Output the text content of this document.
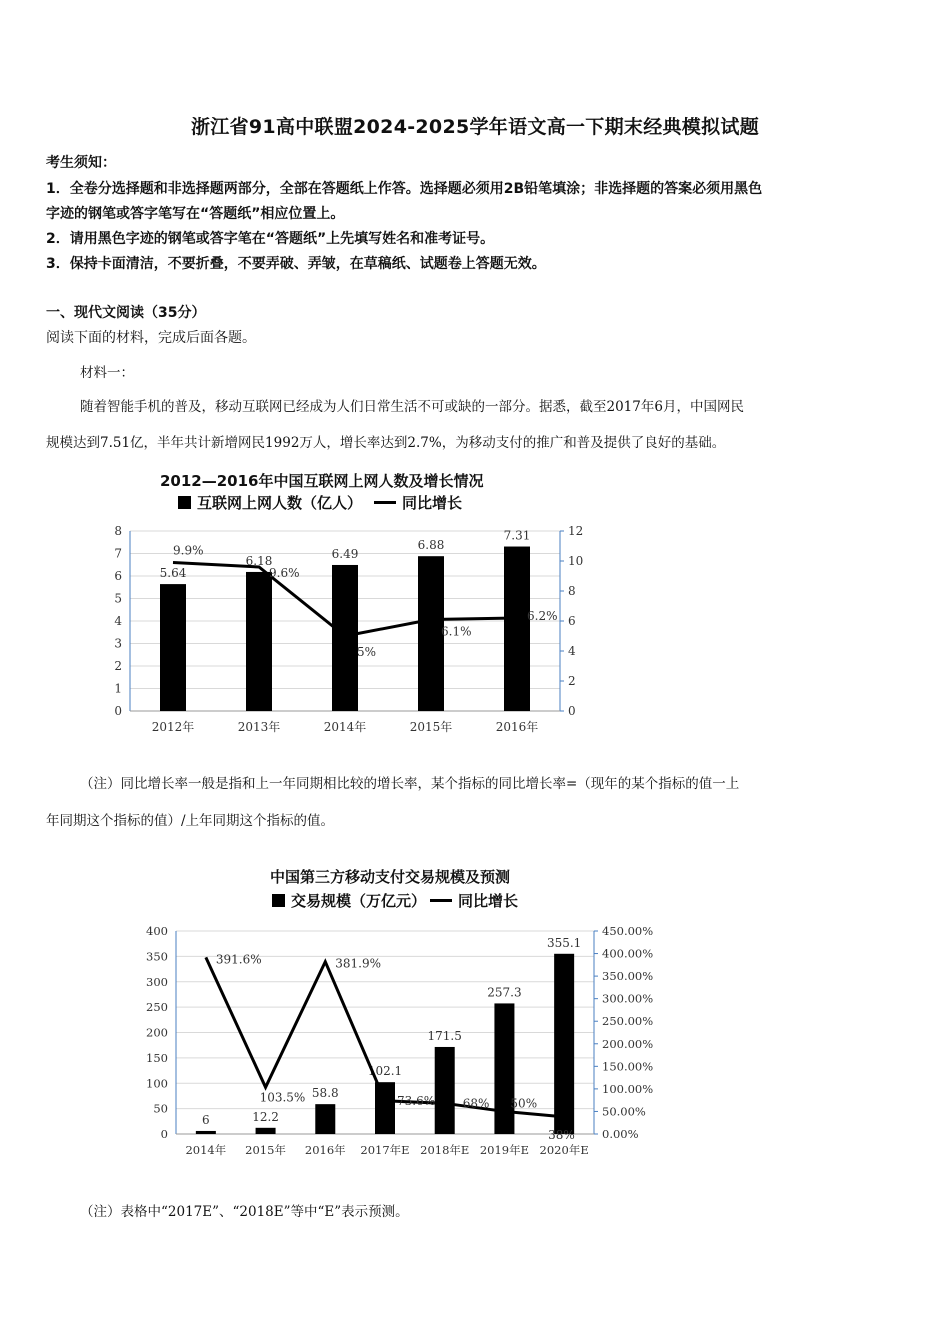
浙江省91高中联盟2024-2025学年语文高一下期末经典模拟试题
考生须知：
1．全卷分选择题和非选择题两部分，全部在答题纸上作答。选择题必须用2B铅笔填涂；非选择题的答案必须用黑色
字迹的钢笔或答字笔写在“答题纸”相应位置上。
2．请用黑色字迹的钢笔或答字笔在“答题纸”上先填写姓名和准考证号。
3．保持卡面清洁，不要折叠，不要弄破、弄皱，在草稿纸、试题卷上答题无效。
一、现代文阅读（35分）
阅读下面的材料，完成后面各题。
材料一：
随着智能手机的普及，移动互联网已经成为人们日常生活不可或缺的一部分。据悉，截至2017年6月，中国网民
规模达到7.51亿，半年共计新增网民1992万人，增长率达到2.7%，为移动支付的推广和普及提供了良好的基础。
2012—2016年中国互联网上网人数及增长情况
互联网上网人数（亿人）	同比增长
0
1
2
3
4
5
6
7
8
0
2
4
6
8
10
12
5.64
2012年
6.18
2013年
6.49
2014年
6.88
2015年
7.31
2016年
9.9%
9.6%
5%
6.1%
6.2%
（注）同比增长率一般是指和上一年同期相比较的增长率，某个指标的同比增长率=（现年的某个指标的值一上
年同期这个指标的值）/上年同期这个指标的值。
中国第三方移动支付交易规模及预测
交易规模（万亿元） 同比增长
0
50
100
150
200
250
300
350
400
0.00%
50.00%
100.00%
150.00%
200.00%
250.00%
300.00%
350.00%
400.00%
450.00%
6
2014年
12.2
2015年
58.8
2016年
102.1
2017年E
171.5
2018年E
257.3
2019年E
355.1
2020年E
391.6%
103.5%
381.9%
73.6% 68% 50%
38%
（注）表格中“2017E”、“2018E”等中“E”表示预测。
